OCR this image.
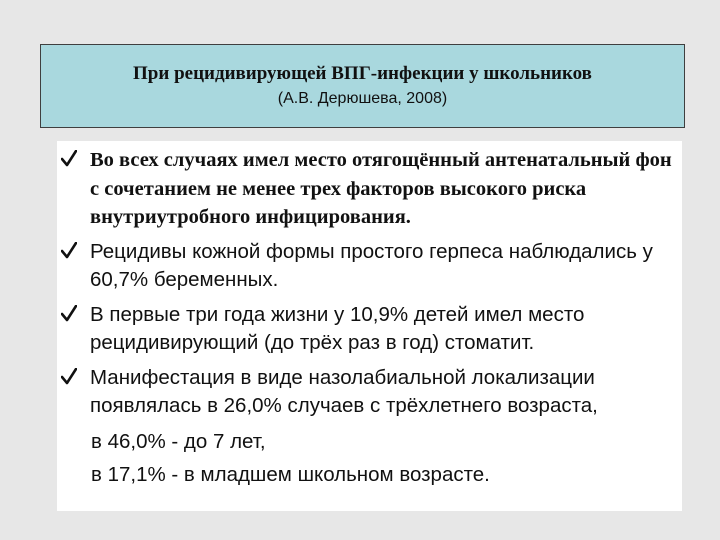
При рецидивирующей ВПГ-инфекции у школьников
(А.В. Дерюшева, 2008)
Во всех случаях имел место отягощённый антенатальный фон с сочетанием не менее трех факторов высокого риска внутриутробного инфицирования.
Рецидивы кожной формы простого герпеса наблюдались у 60,7% беременных.
В первые три года жизни у 10,9% детей имел место рецидивирующий (до трёх раз в год) стоматит.
Манифестация в виде назолабиальной локализации появлялась в 26,0% случаев с трёхлетнего возраста,
в 46,0% - до 7 лет,
в 17,1% - в младшем школьном возрасте.
